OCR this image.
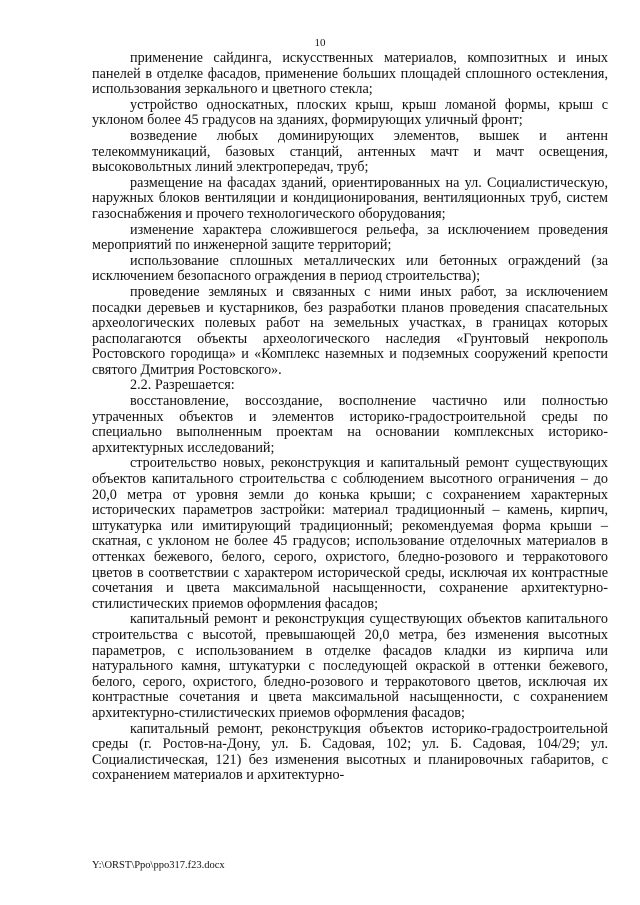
10

применение сайдинга, искусственных материалов, композитных и иных панелей в отделке фасадов, применение больших площадей сплошного остекления, использования зеркального и цветного стекла;

устройство односкатных, плоских крыш, крыш ломаной формы, крыш с уклоном более 45 градусов на зданиях, формирующих уличный фронт;

возведение любых доминирующих элементов, вышек и антенн телекоммуникаций, базовых станций, антенных мачт и мачт освещения, высоковольтных линий электропередач, труб;

размещение на фасадах зданий, ориентированных на ул. Социалистическую, наружных блоков вентиляции и кондиционирования, вентиляционных труб, систем газоснабжения и прочего технологического оборудования;

изменение характера сложившегося рельефа, за исключением проведения мероприятий по инженерной защите территорий;

использование сплошных металлических или бетонных ограждений (за исключением безопасного ограждения в период строительства);

проведение земляных и связанных с ними иных работ, за исключением посадки деревьев и кустарников, без разработки планов проведения спасательных археологических полевых работ на земельных участках, в границах которых располагаются объекты археологического наследия «Грунтовый некрополь Ростовского городища» и «Комплекс наземных и подземных сооружений крепости святого Дмитрия Ростовского».

2.2. Разрешается:

восстановление, воссоздание, восполнение частично или полностью утраченных объектов и элементов историко-градостроительной среды по специально выполненным проектам на основании комплексных историко-архитектурных исследований;

строительство новых, реконструкция и капитальный ремонт существующих объектов капитального строительства с соблюдением высотного ограничения – до 20,0 метра от уровня земли до конька крыши; с сохранением характерных исторических параметров застройки: материал традиционный – камень, кирпич, штукатурка или имитирующий традиционный; рекомендуемая форма крыши – скатная, с уклоном не более 45 градусов; использование отделочных материалов в оттенках бежевого, белого, серого, охристого, бледно-розового и терракотового цветов в соответствии с характером исторической среды, исключая их контрастные сочетания и цвета максимальной насыщенности, сохранение архитектурно-стилистических приемов оформления фасадов;

капитальный ремонт и реконструкция существующих объектов капитального строительства с высотой, превышающей 20,0 метра, без изменения высотных параметров, с использованием в отделке фасадов кладки из кирпича или натурального камня, штукатурки с последующей окраской в оттенки бежевого, белого, серого, охристого, бледно-розового и терракотового цветов, исключая их контрастные сочетания и цвета максимальной насыщенности, с сохранением архитектурно-стилистических приемов оформления фасадов;

капитальный ремонт, реконструкция объектов историко-градостроительной среды (г. Ростов-на-Дону, ул. Б. Садовая, 102; ул. Б. Садовая, 104/29; ул. Социалистическая, 121) без изменения высотных и планировочных габаритов, с сохранением материалов и архитектурно-

Y:\ORST\Ppo\ppo317.f23.docx
